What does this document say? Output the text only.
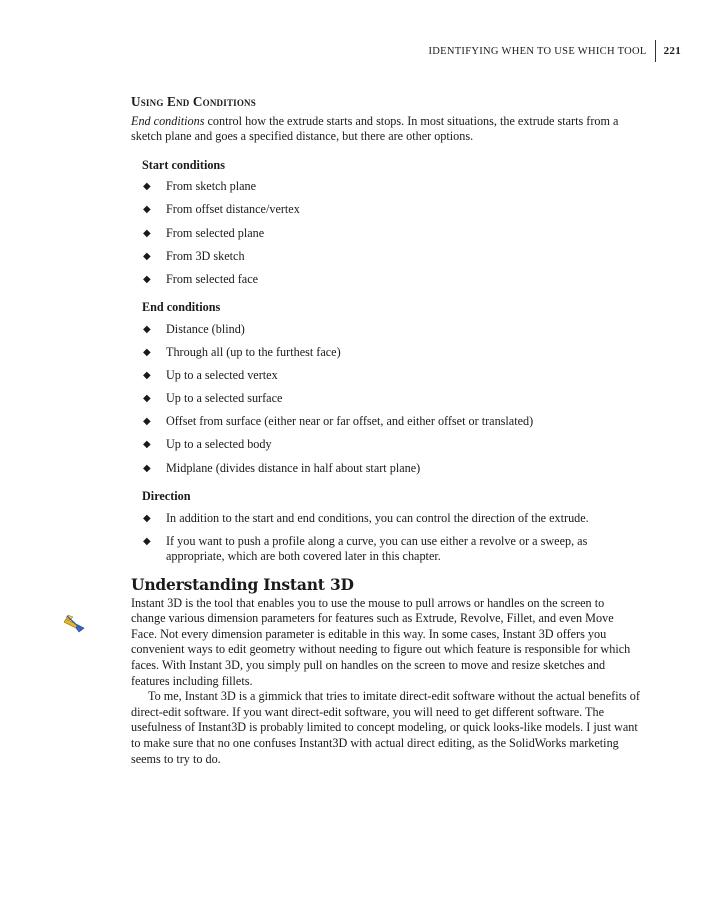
IDENTIFYING WHEN TO USE WHICH TOOL	221
Using End Conditions

End conditions control how the extrude starts and stops. In most situations, the extrude starts from a sketch plane and goes a specified distance, but there are other options.

Start conditions
◆ From sketch plane
◆ From offset distance/vertex
◆ From selected plane
◆ From 3D sketch
◆ From selected face
End conditions
◆ Distance (blind)
◆ Through all (up to the furthest face)
◆ Up to a selected vertex
◆ Up to a selected surface
◆ Offset from surface (either near or far offset, and either offset or translated)
◆ Up to a selected body
◆ Midplane (divides distance in half about start plane)
Direction
◆ In addition to the start and end conditions, you can control the direction of the extrude.
◆ If you want to push a profile along a curve, you can use either a revolve or a sweep, as appropriate, which are both covered later in this chapter.
Understanding Instant 3D

Instant 3D is the tool that enables you to use the mouse to pull arrows or handles on the screen to change various dimension parameters for features such as Extrude, Revolve, Fillet, and even Move Face. Not every dimension parameter is editable in this way. In some cases, Instant 3D offers you convenient ways to edit geometry without needing to figure out which feature is responsible for which faces. With Instant 3D, you simply pull on handles on the screen to move and resize sketches and features including fillets.

To me, Instant 3D is a gimmick that tries to imitate direct-edit software without the actual benefits of direct-edit software. If you want direct-edit software, you will need to get different software. The usefulness of Instant3D is probably limited to concept modeling, or quick looks-like models. I just want to make sure that no one confuses Instant3D with actual direct editing, as the SolidWorks marketing seems to try to do.
